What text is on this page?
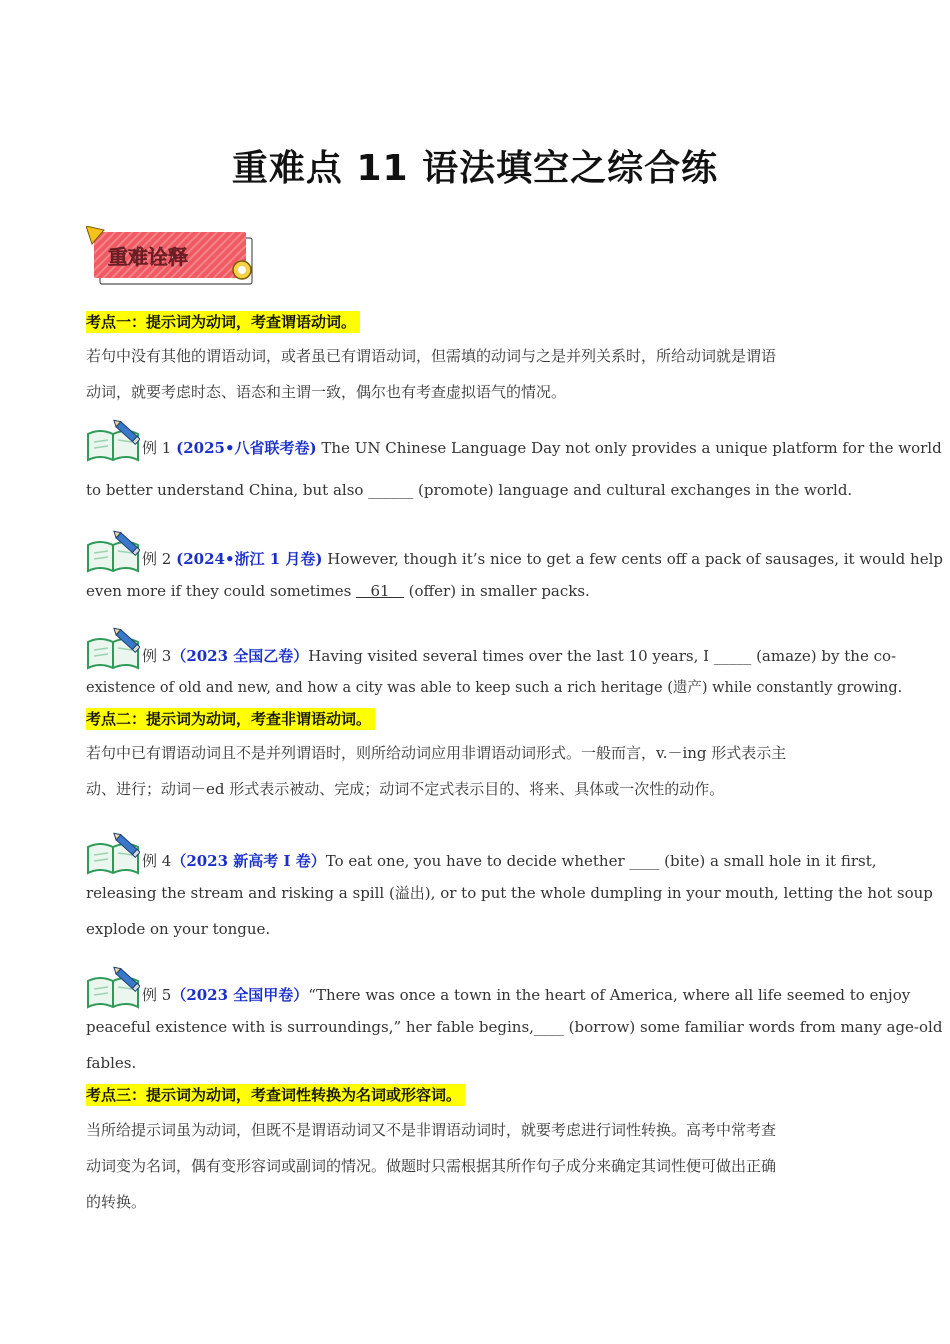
重难点 11 语法填空之综合练
重难诠释
考点一：提示词为动词，考查谓语动词。
若句中没有其他的谓语动词，或者虽已有谓语动词，但需填的动词与之是并列关系时，所给动词就是谓语
动词，就要考虑时态、语态和主谓一致，偶尔也有考查虚拟语气的情况。
例 1 (2025•八省联考卷) The UN Chinese Language Day not only provides a unique platform for the world
to better understand China, but also ______ (promote) language and cultural exchanges in the world.
例 2 (2024•浙江 1 月卷) However, though it’s nice to get a few cents off a pack of sausages, it would help
even more if they could sometimes    61    (offer) in smaller packs.
例 3（2023 全国乙卷）Having visited several times over the last 10 years, I _____ (amaze) by the co-
existence of old and new, and how a city was able to keep such a rich heritage (遗产) while constantly growing.
考点二：提示词为动词，考查非谓语动词。
若句中已有谓语动词且不是并列谓语时，则所给动词应用非谓语动词形式。一般而言，v.－ing 形式表示主
动、进行；动词－ed 形式表示被动、完成；动词不定式表示目的、将来、具体或一次性的动作。
例 4（2023 新高考 I 卷）To eat one, you have to decide whether ____ (bite) a small hole in it first,
releasing the stream and risking a spill (溢出), or to put the whole dumpling in your mouth, letting the hot soup
explode on your tongue.
例 5（2023 全国甲卷）“There was once a town in the heart of America, where all life seemed to enjoy
peaceful existence with is surroundings,” her fable begins,____ (borrow) some familiar words from many age-old
fables.
考点三：提示词为动词，考查词性转换为名词或形容词。
当所给提示词虽为动词，但既不是谓语动词又不是非谓语动词时，就要考虑进行词性转换。高考中常考查
动词变为名词，偶有变形容词或副词的情况。做题时只需根据其所作句子成分来确定其词性便可做出正确
的转换。
